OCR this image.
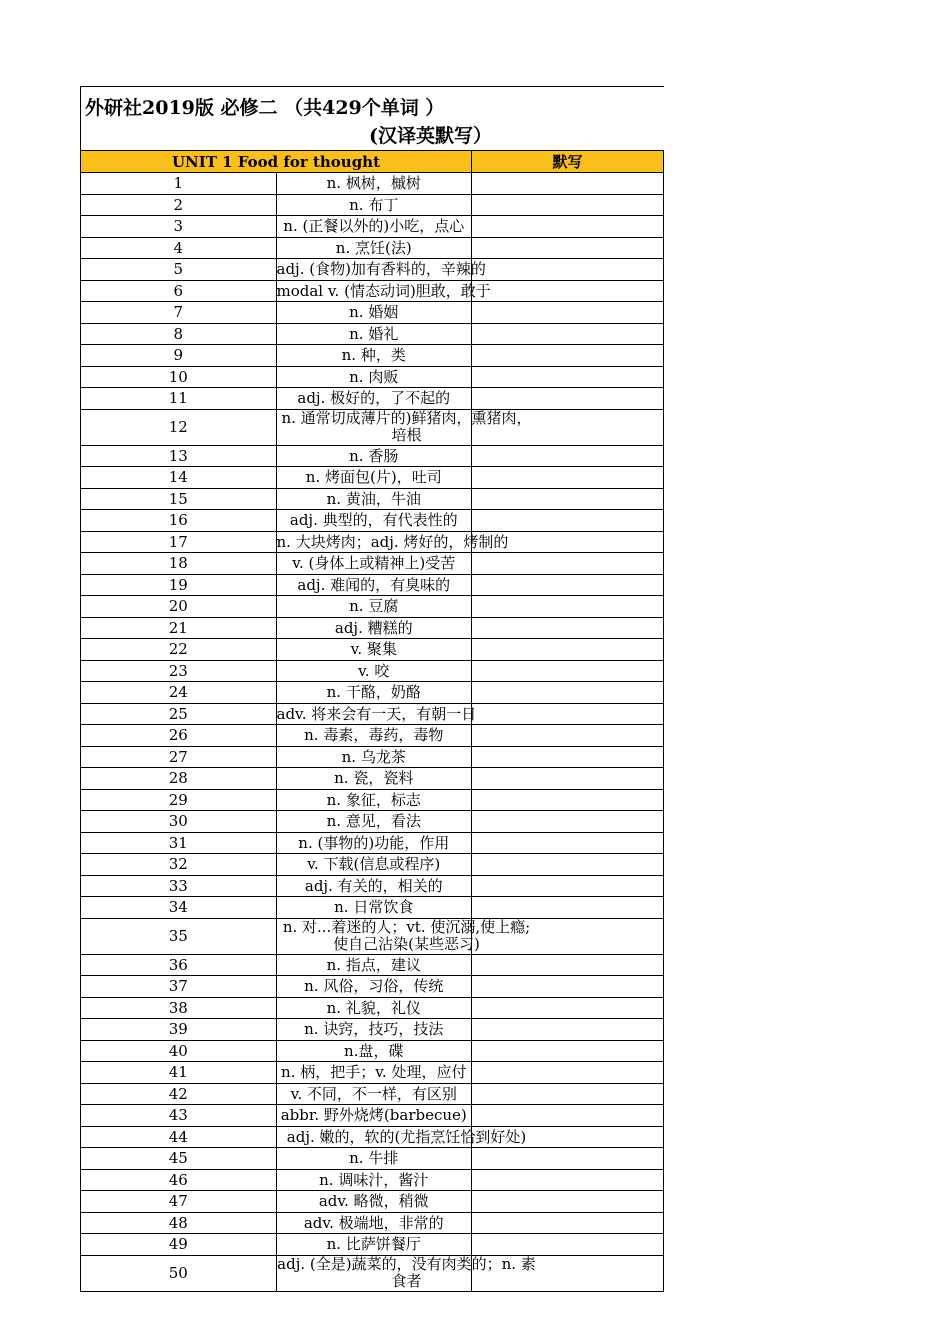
外研社2019版 必修二 （共429个单词 ）
(汉译英默写）
UNIT 1 Food for thought		默写
1	n. 枫树，槭树	
2	n. 布丁	
3	n. (正餐以外的)小吃，点心	
4	n. 烹饪(法)	
5	adj. (食物)加有香料的，辛辣的	
6	modal v. (情态动词)胆敢，敢于	
7	n. 婚姻	
8	n. 婚礼	
9	n. 种，类	
10	n. 肉贩	
11	adj. 极好的，了不起的	
12	n. 通常切成薄片的)鲜猪肉，熏猪肉，培根	
13	n. 香肠	
14	n. 烤面包(片)，吐司	
15	n. 黄油，牛油	
16	adj. 典型的，有代表性的	
17	n. 大块烤肉；adj. 烤好的，烤制的	
18	v. (身体上或精神上)受苦	
19	adj. 难闻的，有臭味的	
20	n. 豆腐	
21	adj. 糟糕的	
22	v. 聚集	
23	v. 咬	
24	n. 干酪，奶酪	
25	adv. 将来会有一天，有朝一日	
26	n. 毒素，毒药，毒物	
27	n. 乌龙茶	
28	n. 瓷，瓷料	
29	n. 象征，标志	
30	n. 意见，看法	
31	n. (事物的)功能，作用	
32	v. 下载(信息或程序)	
33	adj. 有关的，相关的	
34	n. 日常饮食	
35	n. 对...着迷的人；vt. 使沉溺,使上瘾;使自己沾染(某些恶习)	
36	n. 指点，建议	
37	n. 风俗，习俗，传统	
38	n. 礼貌，礼仪	
39	n. 诀窍，技巧，技法	
40	n.盘，碟	
41	n. 柄，把手；v. 处理，应付	
42	v. 不同，不一样，有区别	
43	abbr. 野外烧烤(barbecue)	
44	adj. 嫩的，软的(尤指烹饪恰到好处)	
45	n. 牛排	
46	n. 调味汁，酱汁	
47	adv. 略微，稍微	
48	adv. 极端地，非常的	
49	n. 比萨饼餐厅	
50	adj. (全是)蔬菜的，没有肉类的；n. 素食者	
